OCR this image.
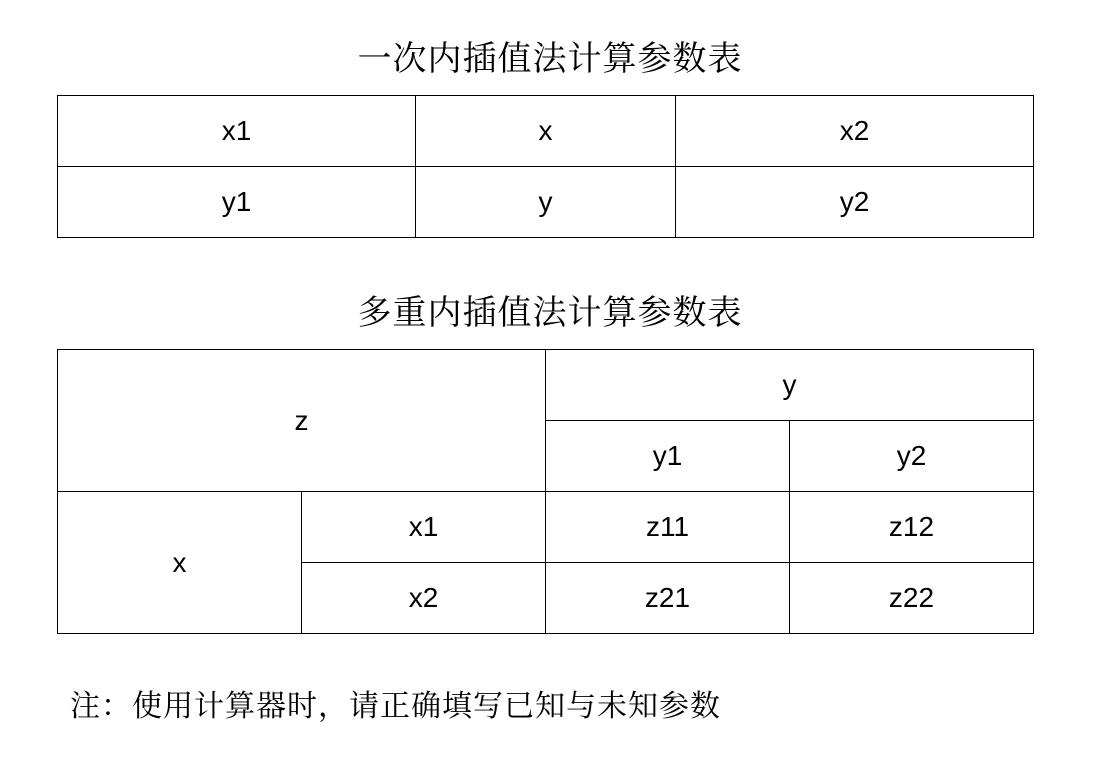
一次内插值法计算参数表
x1	x	x2
y1	y	y2
多重内插值法计算参数表
z		y	
		y1	y2
x	x1	z11	z12
	x2	z21	z22
注：使用计算器时，请正确填写已知与未知参数
